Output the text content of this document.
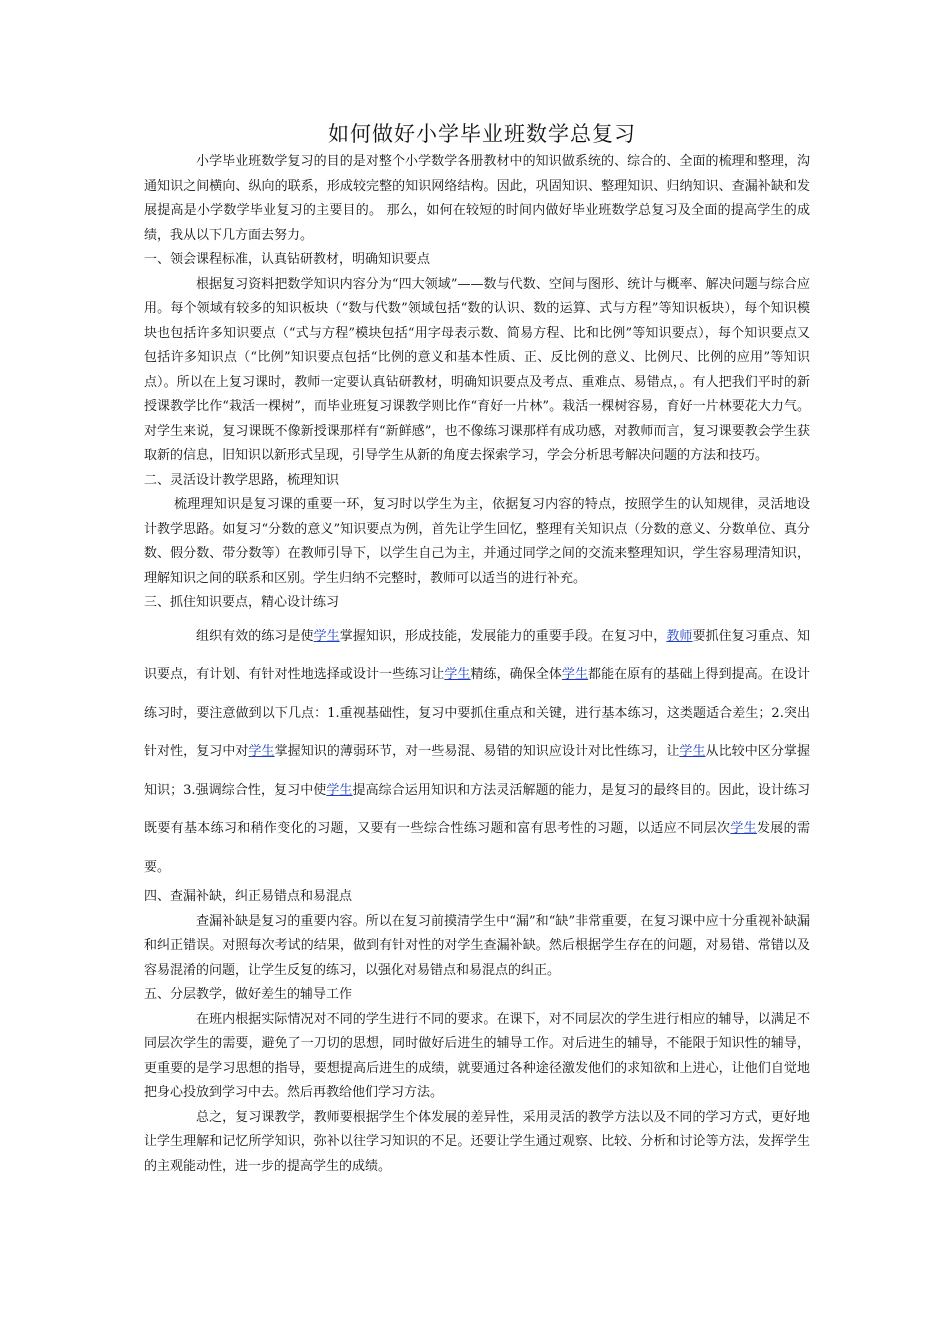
如何做好小学毕业班数学总复习

小学毕业班数学复习的目的是对整个小学数学各册教材中的知识做系统的、综合的、全面的梳理和整理，沟通知识之间横向、纵向的联系，形成较完整的知识网络结构。因此，巩固知识、整理知识、归纳知识、查漏补缺和发展提高是小学数学毕业复习的主要目的。 那么，如何在较短的时间内做好毕业班数学总复习及全面的提高学生的成绩，我从以下几方面去努力。

一、领会课程标准，认真钻研教材，明确知识要点

根据复习资料把数学知识内容分为“四大领域”——数与代数、空间与图形、统计与概率、解决问题与综合应用。每个领域有较多的知识板块（“数与代数”领域包括“数的认识、数的运算、式与方程”等知识板块），每个知识模块也包括许多知识要点（“式与方程”模块包括“用字母表示数、简易方程、比和比例”等知识要点），每个知识要点又包括许多知识点（“比例”知识要点包括“比例的意义和基本性质、正、反比例的意义、比例尺、比例的应用”等知识点）。所以在上复习课时，教师一定要认真钻研教材，明确知识要点及考点、重难点、易错点，。有人把我们平时的新授课教学比作“栽活一棵树”，而毕业班复习课教学则比作“育好一片林”。栽活一棵树容易，育好一片林要花大力气。对学生来说，复习课既不像新授课那样有“新鲜感”，也不像练习课那样有成功感，对教师而言，复习课要教会学生获取新的信息，旧知识以新形式呈现，引导学生从新的角度去探索学习，学会分析思考解决问题的方法和技巧。

二、灵活设计教学思路，梳理知识

梳理理知识是复习课的重要一环，复习时以学生为主，依据复习内容的特点，按照学生的认知规律，灵活地设计教学思路。如复习“分数的意义”知识要点为例，首先让学生回忆，整理有关知识点（分数的意义、分数单位、真分数、假分数、带分数等）在教师引导下，以学生自己为主，并通过同学之间的交流来整理知识，学生容易理清知识，理解知识之间的联系和区别。学生归纳不完整时，教师可以适当的进行补充。

三、抓住知识要点，精心设计练习

组织有效的练习是使学生掌握知识，形成技能，发展能力的重要手段。在复习中，教师要抓住复习重点、知识要点，有计划、有针对性地选择或设计一些练习让学生精练，确保全体学生都能在原有的基础上得到提高。在设计练习时，要注意做到以下几点：1.重视基础性，复习中要抓住重点和关键，进行基本练习，这类题适合差生；2.突出针对性，复习中对学生掌握知识的薄弱环节，对一些易混、易错的知识应设计对比性练习，让学生从比较中区分掌握知识；3.强调综合性，复习中使学生提高综合运用知识和方法灵活解题的能力，是复习的最终目的。因此，设计练习既要有基本练习和稍作变化的习题，又要有一些综合性练习题和富有思考性的习题，以适应不同层次学生发展的需要。

四、查漏补缺，纠正易错点和易混点

查漏补缺是复习的重要内容。所以在复习前摸清学生中“漏”和“缺”非常重要，在复习课中应十分重视补缺漏和纠正错误。对照每次考试的结果，做到有针对性的对学生查漏补缺。然后根据学生存在的问题，对易错、常错以及容易混淆的问题，让学生反复的练习，以强化对易错点和易混点的纠正。

五、分层教学，做好差生的辅导工作

在班内根据实际情况对不同的学生进行不同的要求。在课下，对不同层次的学生进行相应的辅导，以满足不同层次学生的需要，避免了一刀切的思想，同时做好后进生的辅导工作。对后进生的辅导，不能限于知识性的辅导，更重要的是学习思想的指导，要想提高后进生的成绩，就要通过各种途径激发他们的求知欲和上进心，让他们自觉地把身心投放到学习中去。然后再教给他们学习方法。

总之，复习课教学，教师要根据学生个体发展的差异性，采用灵活的教学方法以及不同的学习方式，更好地让学生理解和记忆所学知识，弥补以往学习知识的不足。还要让学生通过观察、比较、分析和讨论等方法，发挥学生的主观能动性，进一步的提高学生的成绩。
